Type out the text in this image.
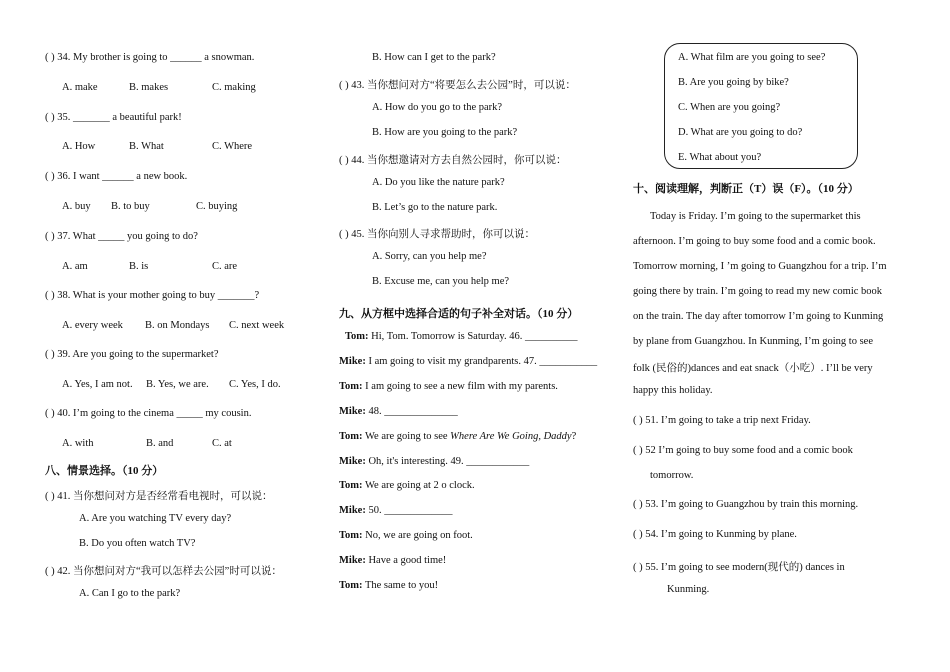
( ) 34. My brother is going to ______ a snowman.
A. make	B. makes	C. making
( ) 35. _______ a beautiful park!
A. How	B. What	C. Where
( ) 36. I want ______ a new book.
A. buy B. to buy	C. buying
( ) 37. What _____ you going to do?
A. am	B. is	C. are
( ) 38. What is your mother going to buy _______?
A. every week B. on Mondays C. next week
( ) 39. Are you going to the supermarket?
A. Yes, I am not. B. Yes, we are. C. Yes, I do.
( ) 40. I’m going to the cinema _____ my cousin.
A. with	B. and	C. at
八、情景选择。（10 分）
( ) 41. 当你想问对方是否经常看电视时，可以说：
A. Are you watching TV every day?
B. Do you often watch TV?
( ) 42. 当你想问对方“我可以怎样去公园”时可以说：
A. Can I go to the park?
B. How can I get to the park?
( ) 43. 当你想问对方“将要怎么去公园”时，可以说：
A. How do you go to the park?
B. How are you going to the park?
( ) 44. 当你想邀请对方去自然公园时，你可以说：
A. Do you like the nature park?
B. Let’s go to the nature park.
( ) 45. 当你向别人寻求帮助时，你可以说：
A. Sorry, can you help me?
B. Excuse me, can you help me?
九、从方框中选择合适的句子补全对话。（10 分）
Tom: Hi, Tom. Tomorrow is Saturday. 46. __________
Mike: I am going to visit my grandparents. 47. ___________
Tom: I am going to see a new film with my parents.
Mike: 48. ______________
Tom: We are going to see Where Are We Going, Daddy?
Mike: Oh, it's interesting. 49. ____________
Tom: We are going at 2 o clock.
Mike: 50. _____________
Tom: No, we are going on foot.
Mike: Have a good time!
Tom: The same to you!
A. What film are you going to see?
B. Are you going by bike?
C. When are you going?
D. What are you going to do?
E. What about you?
十、阅读理解，判断正（T）误（F）。（10 分）
Today is Friday. I’m going to the supermarket this
afternoon. I’m going to buy some food and a comic book.
Tomorrow morning, I ’m going to Guangzhou for a trip. I’m
going there by train. I’m going to read my new comic book
on the train. The day after tomorrow I’m going to Kunming
by plane from Guangzhou. In Kunming, I’m going to see
folk (民俗的)dances and eat snack（小吃）. I’ll be very
happy this holiday.
( ) 51. I’m going to take a trip next Friday.
( ) 52 I’m going to buy some food and a comic book
tomorrow.
( ) 53. I’m going to Guangzhou by train this morning.
( ) 54. I’m going to Kunming by plane.
( ) 55. I’m going to see modern(现代的) dances in
Kunming.
